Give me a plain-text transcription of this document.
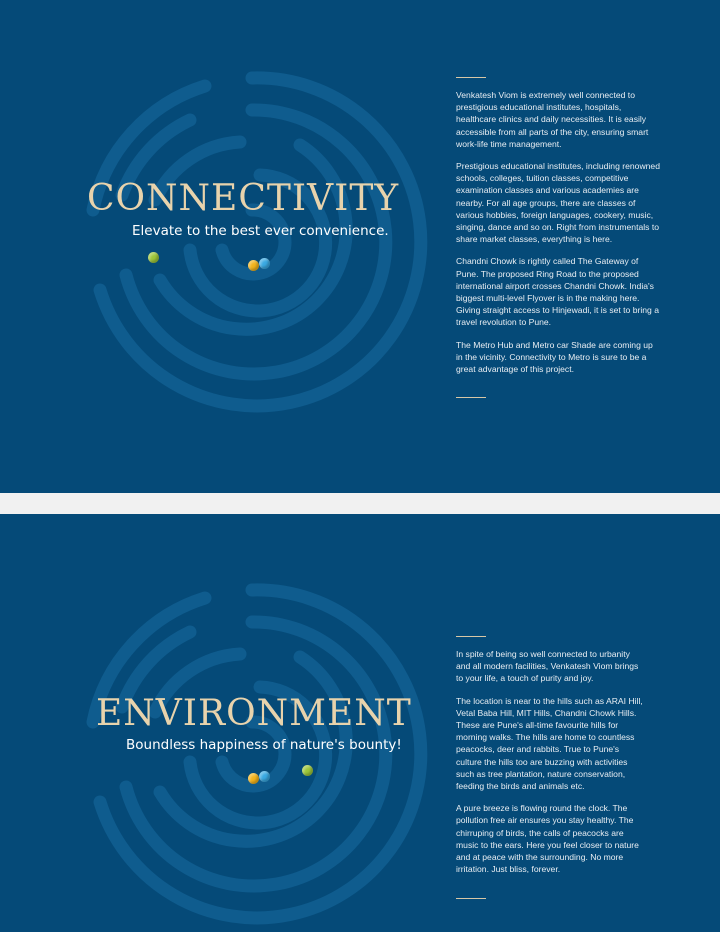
CONNECTIVITY

Elevate to the best ever convenience.

Venkatesh Viom is extremely well connected to prestigious educational institutes, hospitals, healthcare clinics and daily necessities. It is easily accessible from all parts of the city, ensuring smart work-life time management.

Prestigious educational institutes, including renowned schools, colleges, tuition classes, competitive examination classes and various academies are nearby. For all age groups, there are classes of various hobbies, foreign languages, cookery, music, singing, dance and so on. Right from instrumentals to share market classes, everything is here.

Chandni Chowk is rightly called The Gateway of Pune. The proposed Ring Road to the proposed international airport crosses Chandni Chowk. India's biggest multi-level Flyover is in the making here. Giving straight access to Hinjewadi, it is set to bring a travel revolution to Pune.

The Metro Hub and Metro car Shade are coming up in the vicinity. Connectivity to Metro is sure to be a great advantage of this project.

ENVIRONMENT

Boundless happiness of nature's bounty!

In spite of being so well connected to urbanity and all modern facilities, Venkatesh Viom brings to your life, a touch of purity and joy.

The location is near to the hills such as ARAI Hill, Vetal Baba Hill, MIT Hills, Chandni Chowk Hills. These are Pune's all-time favourite hills for morning walks. The hills are home to countless peacocks, deer and rabbits. True to Pune's culture the hills too are buzzing with activities such as tree plantation, nature conservation, feeding the birds and animals etc.

A pure breeze is flowing round the clock. The pollution free air ensures you stay healthy. The chirruping of birds, the calls of peacocks are music to the ears. Here you feel closer to nature and at peace with the surrounding. No more irritation. Just bliss, forever.
